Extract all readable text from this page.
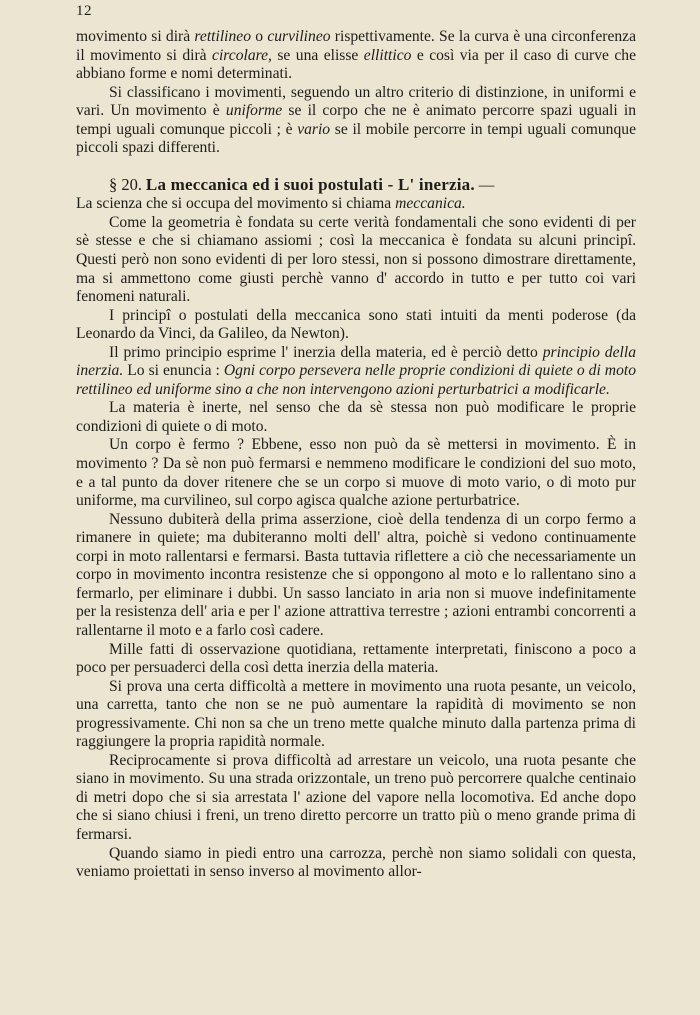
12

movimento si dirà rettilineo o curvilineo rispettivamente. Se la curva è una circonferenza il movimento si dirà circolare, se una elisse ellittico e così via per il caso di curve che abbiano forme e nomi determinati.

Si classificano i movimenti, seguendo un altro criterio di distinzione, in uniformi e vari. Un movimento è uniforme se il corpo che ne è animato percorre spazi uguali in tempi uguali comunque piccoli ; è vario se il mobile percorre in tempi uguali comunque piccoli spazi differenti.

§ 20. La meccanica ed i suoi postulati - L' inerzia. —

La scienza che si occupa del movimento si chiama meccanica.

Come la geometria è fondata su certe verità fondamentali che sono evidenti di per sè stesse e che si chiamano assiomi ; così la meccanica è fondata su alcuni principî. Questi però non sono evidenti di per loro stessi, non si possono dimostrare direttamente, ma si ammettono come giusti perchè vanno d' accordo in tutto e per tutto coi vari fenomeni naturali.

I principî o postulati della meccanica sono stati intuiti da menti poderose (da Leonardo da Vinci, da Galileo, da Newton).

Il primo principio esprime l' inerzia della materia, ed è perciò detto principio della inerzia. Lo si enuncia : Ogni corpo persevera nelle proprie condizioni di quiete o di moto rettilineo ed uniforme sino a che non intervengono azioni perturbatrici a modificarle.

La materia è inerte, nel senso che da sè stessa non può modificare le proprie condizioni di quiete o di moto.

Un corpo è fermo ? Ebbene, esso non può da sè mettersi in movimento. È in movimento ? Da sè non può fermarsi e nemmeno modificare le condizioni del suo moto, e a tal punto da dover ritenere che se un corpo si muove di moto vario, o di moto pur uniforme, ma curvilineo, sul corpo agisca qualche azione perturbatrice.

Nessuno dubiterà della prima asserzione, cioè della tendenza di un corpo fermo a rimanere in quiete; ma dubiteranno molti dell' altra, poichè si vedono continuamente corpi in moto rallentarsi e fermarsi. Basta tuttavia riflettere a ciò che necessariamente un corpo in movimento incontra resistenze che si oppongono al moto e lo rallentano sino a fermarlo, per eliminare i dubbi. Un sasso lanciato in aria non si muove indefinitamente per la resistenza dell' aria e per l' azione attrattiva terrestre ; azioni entrambi concorrenti a rallentarne il moto e a farlo così cadere.

Mille fatti di osservazione quotidiana, rettamente interpretati, finiscono a poco a poco per persuaderci della così detta inerzia della materia.

Si prova una certa difficoltà a mettere in movimento una ruota pesante, un veicolo, una carretta, tanto che non se ne può aumentare la rapidità di movimento se non progressivamente. Chi non sa che un treno mette qualche minuto dalla partenza prima di raggiungere la propria rapidità normale.

Reciprocamente si prova difficoltà ad arrestare un veicolo, una ruota pesante che siano in movimento. Su una strada orizzontale, un treno può percorrere qualche centinaio di metri dopo che si sia arrestata l' azione del vapore nella locomotiva. Ed anche dopo che si siano chiusi i freni, un treno diretto percorre un tratto più o meno grande prima di fermarsi.

Quando siamo in piedi entro una carrozza, perchè non siamo solidali con questa, veniamo proiettati in senso inverso al movimento allor-
